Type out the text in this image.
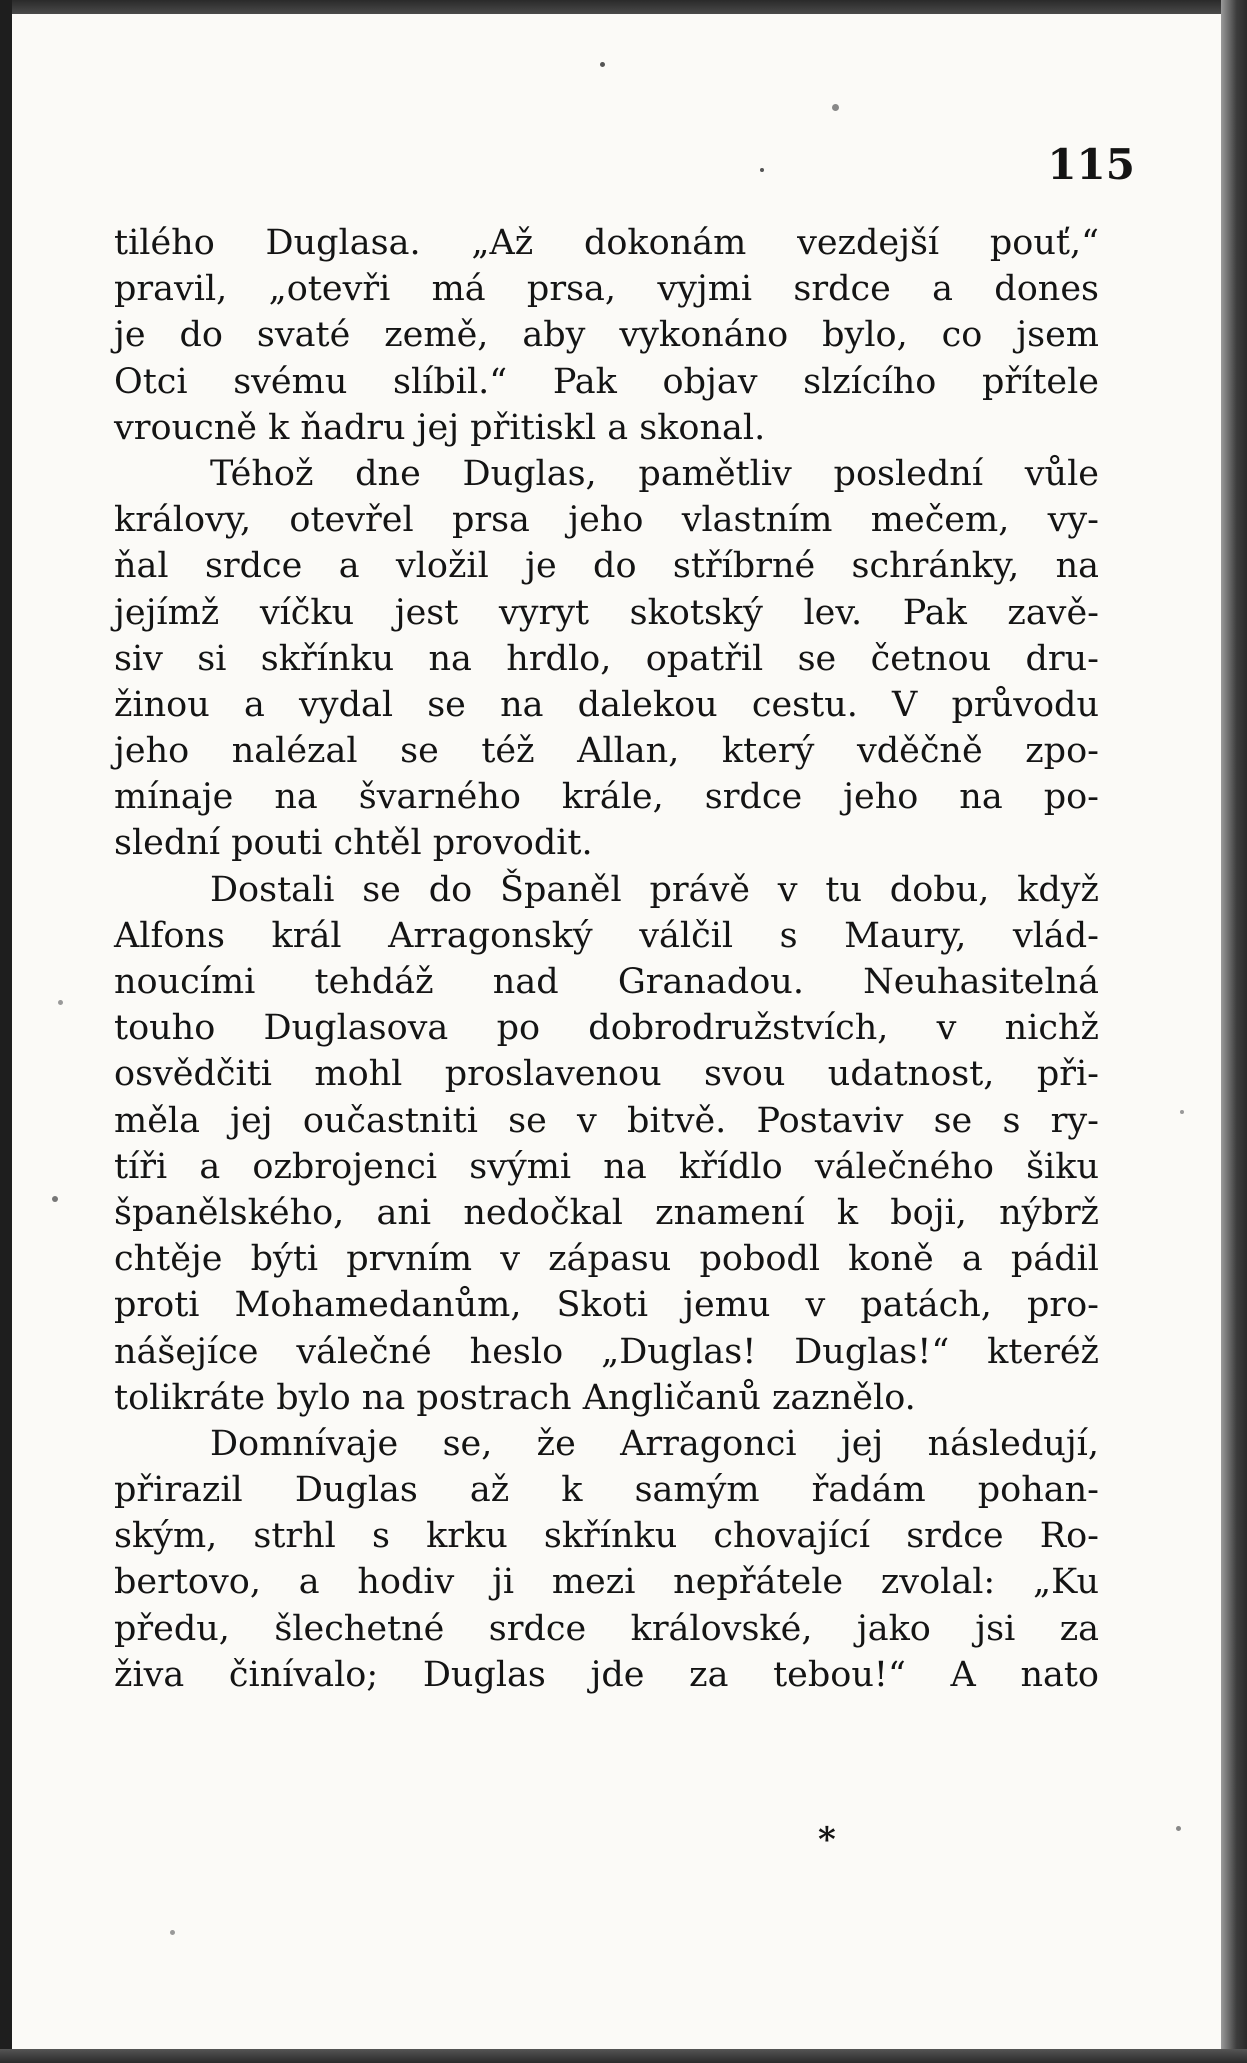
115
tilého Duglasa. „Až dokonám vezdejší pouť,“
pravil, „otevři má prsa, vyjmi srdce a dones
je do svaté země, aby vykonáno bylo, co jsem
Otci svému slíbil.“ Pak objav slzícího přítele
vroucně k ňadru jej přitiskl a skonal.
Téhož dne Duglas, pamětliv poslední vůle
královy, otevřel prsa jeho vlastním mečem, vy-
ňal srdce a vložil je do stříbrné schránky, na
jejímž víčku jest vyryt skotský lev. Pak zavě-
siv si skřínku na hrdlo, opatřil se četnou dru-
žinou a vydal se na dalekou cestu. V průvodu
jeho nalézal se též Allan, který vděčně zpo-
mínaje na švarného krále, srdce jeho na po-
slední pouti chtěl provodit.
Dostali se do Španěl právě v tu dobu, když
Alfons král Arragonský válčil s Maury, vlád-
noucími tehdáž nad Granadou. Neuhasitelná
touho Duglasova po dobrodružstvích, v nichž
osvědčiti mohl proslavenou svou udatnost, při-
měla jej oučastniti se v bitvě. Postaviv se s ry-
tíři a ozbrojenci svými na křídlo válečného šiku
španělského, ani nedočkal znamení k boji, nýbrž
chtěje býti prvním v zápasu pobodl koně a pádil
proti Mohamedanům, Skoti jemu v patách, pro-
nášejíce válečné heslo „Duglas! Duglas!“ kteréž
tolikráte bylo na postrach Angličanů zaznělo.
Domnívaje se, že Arragonci jej následují,
přirazil Duglas až k samým řadám pohan-
ským, strhl s krku skřínku chovající srdce Ro-
bertovo, a hodiv ji mezi nepřátele zvolal: „Ku
předu, šlechetné srdce královské, jako jsi za
živa činívalo; Duglas jde za tebou!“ A nato
*
